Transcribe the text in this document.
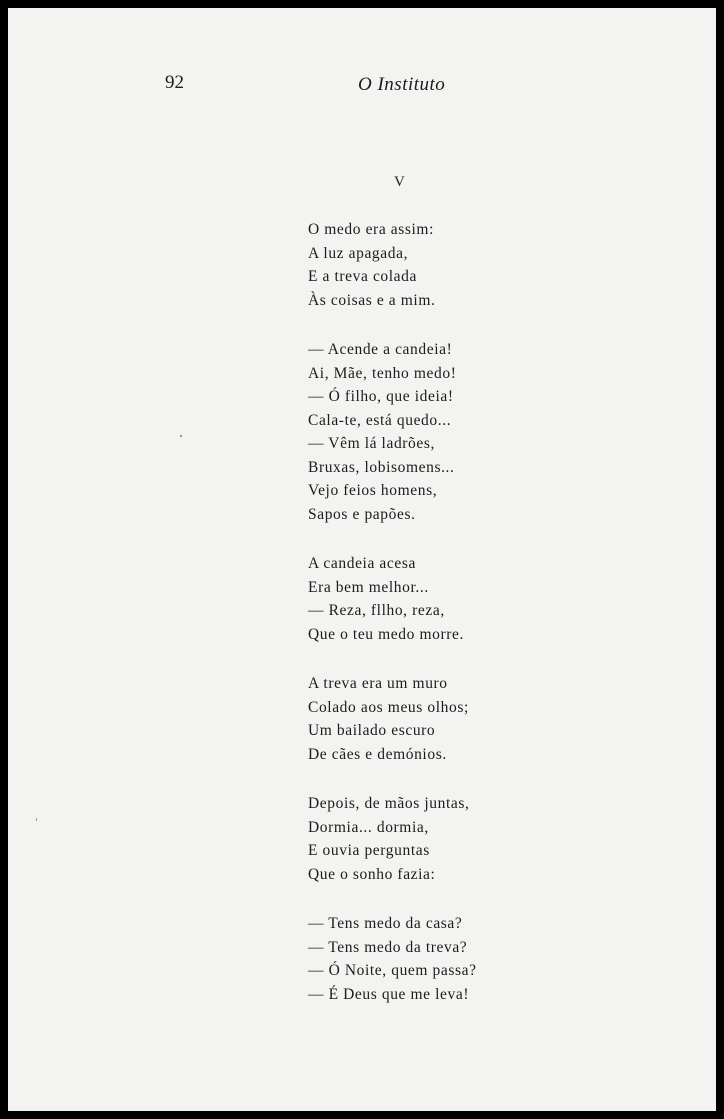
92	O Instituto
V
O medo era assim:
A luz apagada,
E a treva colada
Às coisas e a mim.
— Acende a candeia!
Ai, Mãe, tenho medo!
— Ó filho, que ideia!
Cala-te, está quedo...
— Vêm lá ladrões,
Bruxas, lobisomens...
Vejo feios homens,
Sapos e papões.
A candeia acesa
Era bem melhor...
— Reza, fllho, reza,
Que o teu medo morre.
A treva era um muro
Colado aos meus olhos;
Um bailado escuro
De cães e demónios.
Depois, de mãos juntas,
Dormia... dormia,
E ouvia perguntas
Que o sonho fazia:
— Tens medo da casa?
— Tens medo da treva?
— Ó Noite, quem passa?
— É Deus que me leva!
